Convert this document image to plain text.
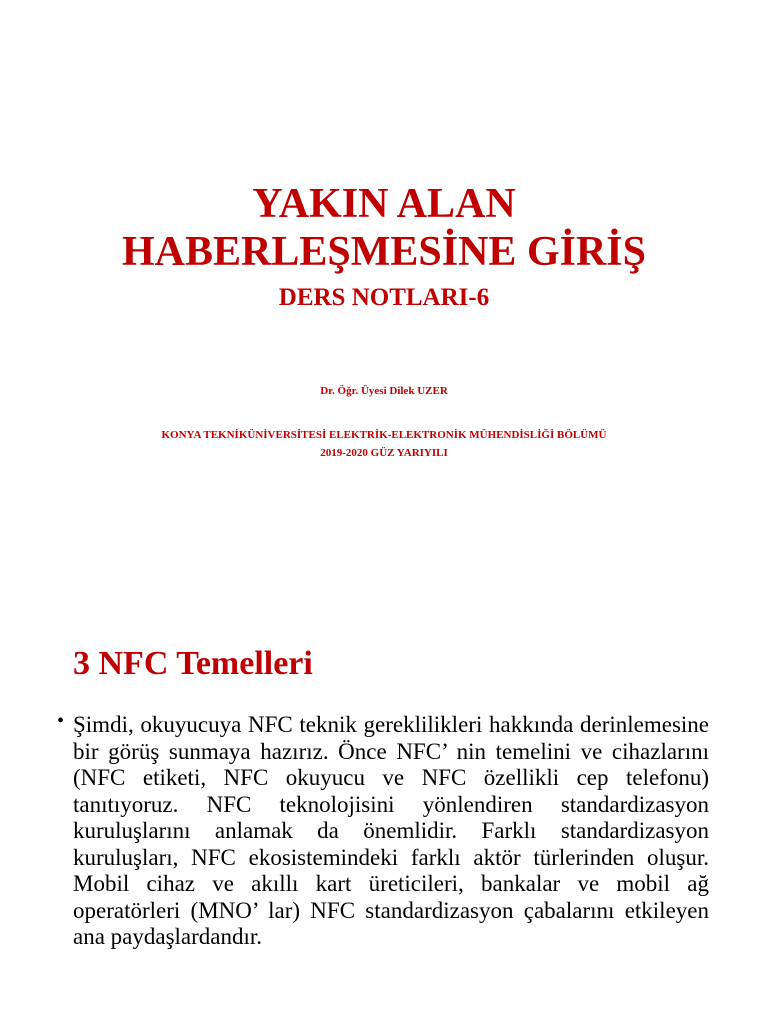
YAKIN ALAN
HABERLEŞMESİNE GİRİŞ
DERS NOTLARI-6
Dr. Öğr. Üyesi Dilek UZER
KONYA TEKNİKÜNİVERSİTESİ ELEKTRİK-ELEKTRONİK MÜHENDİSLİĞİ BÖLÜMÜ
2019-2020 GÜZ YARIYILI
3 NFC Temelleri
• Şimdi, okuyucuya NFC teknik gereklilikleri hakkında derinlemesine bir görüş sunmaya hazırız. Önce NFC’ nin temelini ve cihazlarını (NFC etiketi, NFC okuyucu ve NFC özellikli cep telefonu) tanıtıyoruz. NFC teknolojisini yönlendiren standardizasyon kuruluşlarını anlamak da önemlidir. Farklı standardizasyon kuruluşları, NFC ekosistemindeki farklı aktör türlerinden oluşur. Mobil cihaz ve akıllı kart üreticileri, bankalar ve mobil ağ operatörleri (MNO’ lar) NFC standardizasyon çabalarını etkileyen ana paydaşlardandır.
